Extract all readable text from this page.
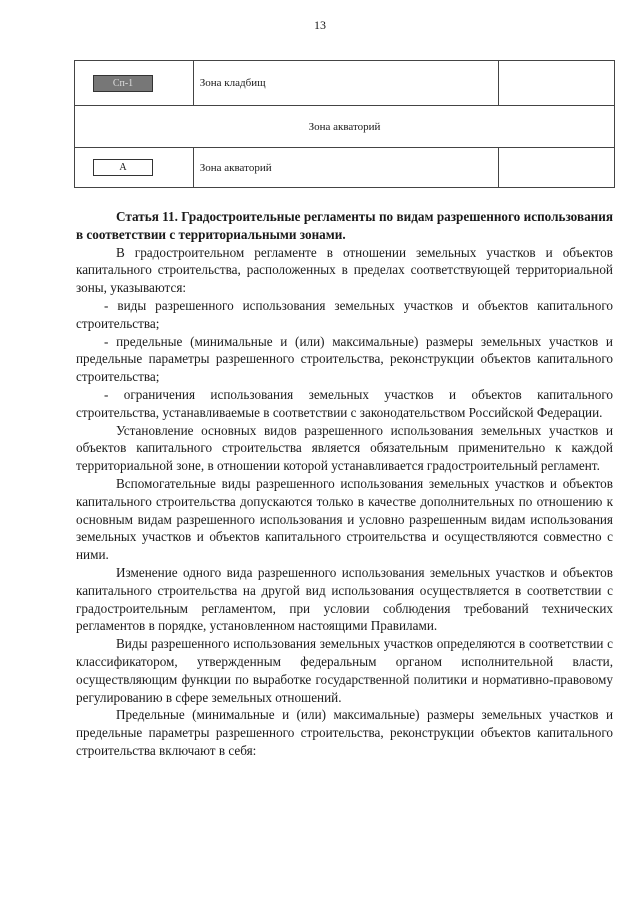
13
Сп-1	Зона кладбищ	
Зона акваторий		
А	Зона акваторий	

Статья 11. Градостроительные регламенты по видам разрешенного использования в соответствии с территориальными зонами.

В градостроительном регламенте в отношении земельных участков и объектов капитального строительства, расположенных в пределах соответствующей территориальной зоны, указываются:

- виды разрешенного использования земельных участков и объектов капитального строительства;

- предельные (минимальные и (или) максимальные) размеры земельных участков и предельные параметры разрешенного строительства, реконструкции объектов капитального строительства;

- ограничения использования земельных участков и объектов капитального строительства, устанавливаемые в соответствии с законодательством Российской Федерации.

Установление основных видов разрешенного использования земельных участков и объектов капитального строительства является обязательным применительно к каждой территориальной зоне, в отношении которой устанавливается градостроительный регламент.

Вспомогательные виды разрешенного использования земельных участков и объектов капитального строительства допускаются только в качестве дополнительных по отношению к основным видам разрешенного использования и условно разрешенным видам использования земельных участков и объектов капитального строительства и осуществляются совместно с ними.

Изменение одного вида разрешенного использования земельных участков и объектов капитального строительства на другой вид использования осуществляется в соответствии с градостроительным регламентом, при условии соблюдения требований технических регламентов в порядке, установленном настоящими Правилами.

Виды разрешенного использования земельных участков определяются в соответствии с классификатором, утвержденным федеральным органом исполнительной власти, осуществляющим функции по выработке государственной политики и нормативно-правовому регулированию в сфере земельных отношений.

Предельные (минимальные и (или) максимальные) размеры земельных участков и предельные параметры разрешенного строительства, реконструкции объектов капитального строительства включают в себя:
